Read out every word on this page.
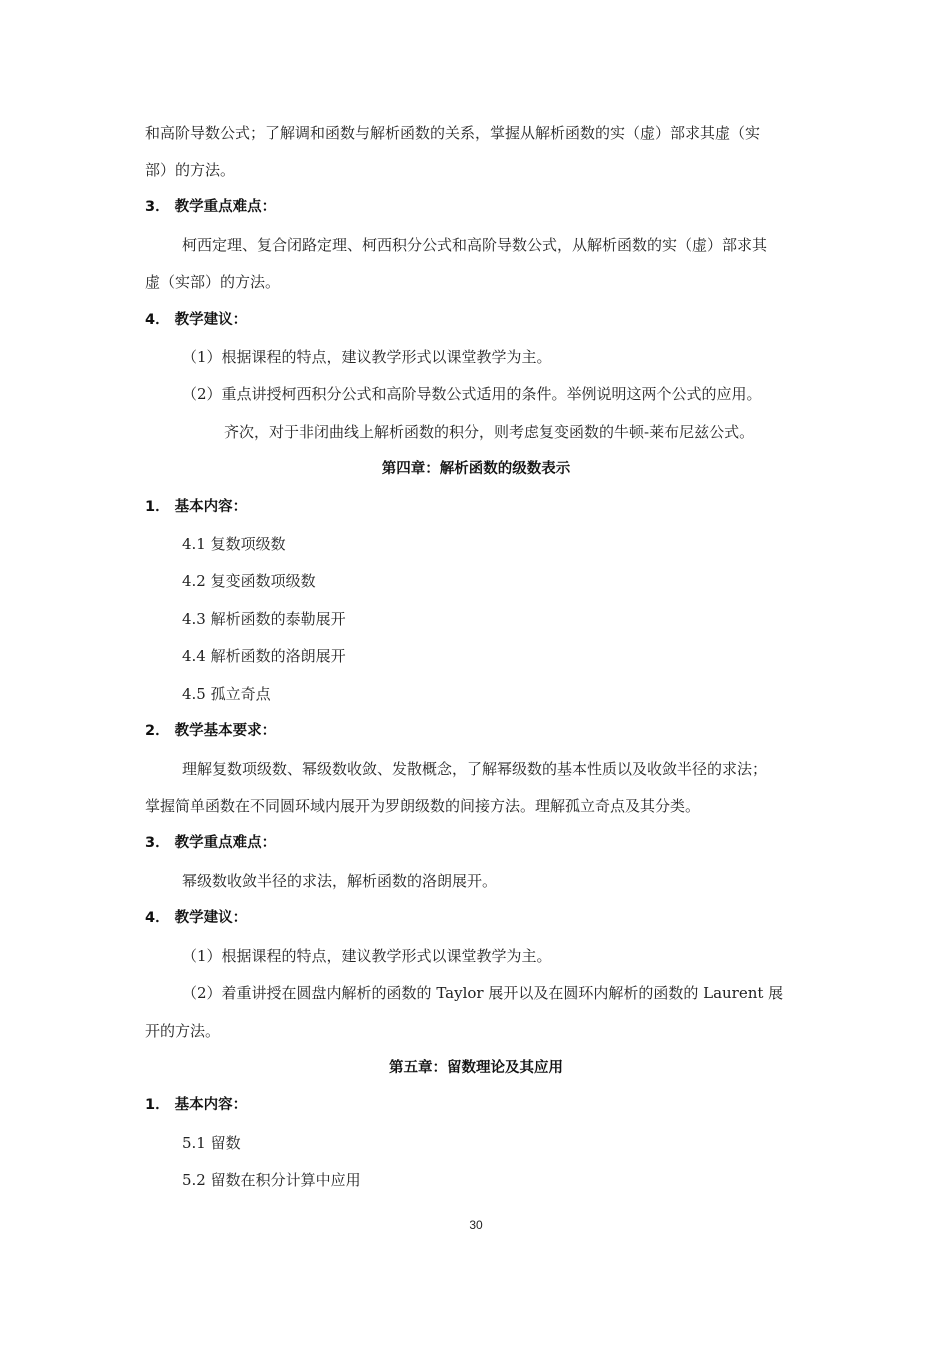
和高阶导数公式；了解调和函数与解析函数的关系，掌握从解析函数的实（虚）部求其虚（实
部）的方法。
3． 教学重点难点：
柯西定理、复合闭路定理、柯西积分公式和高阶导数公式，从解析函数的实（虚）部求其
虚（实部）的方法。
4． 教学建议：
（1）根据课程的特点，建议教学形式以课堂教学为主。
（2）重点讲授柯西积分公式和高阶导数公式适用的条件。举例说明这两个公式的应用。
齐次，对于非闭曲线上解析函数的积分，则考虑复变函数的牛顿-莱布尼兹公式。
第四章：解析函数的级数表示
1． 基本内容：
4.1 复数项级数
4.2 复变函数项级数
4.3 解析函数的泰勒展开
4.4 解析函数的洛朗展开
4.5 孤立奇点
2． 教学基本要求：
理解复数项级数、幂级数收敛、发散概念，了解幂级数的基本性质以及收敛半径的求法；
掌握简单函数在不同圆环域内展开为罗朗级数的间接方法。理解孤立奇点及其分类。
3． 教学重点难点：
幂级数收敛半径的求法，解析函数的洛朗展开。
4． 教学建议：
（1）根据课程的特点，建议教学形式以课堂教学为主。
（2）着重讲授在圆盘内解析的函数的 Taylor 展开以及在圆环内解析的函数的 Laurent 展
开的方法。
第五章：留数理论及其应用
1． 基本内容：
5.1 留数
5.2 留数在积分计算中应用
30
